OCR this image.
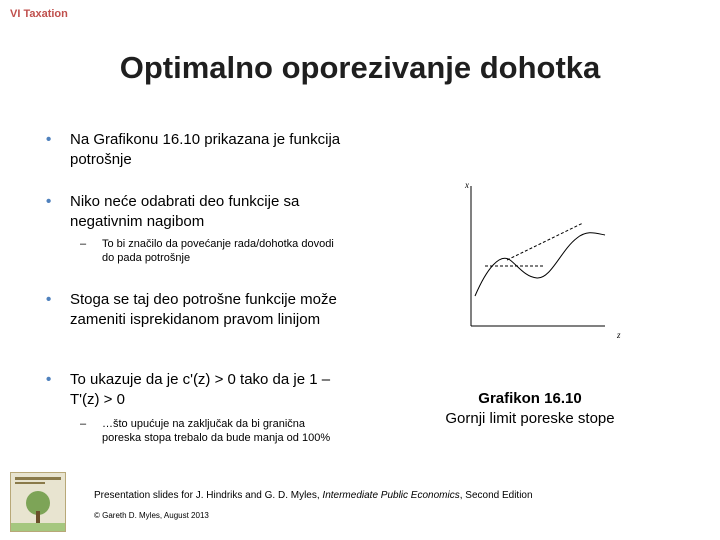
VI Taxation
Optimalno oporezivanje dohotka
• Na Grafikonu 16.10 prikazana je funkcija potrošnje
• Niko neće odabrati deo funkcije sa negativnim nagibom
– To bi značilo da povećanje rada/dohotka dovodi do pada potrošnje
• Stoga se taj deo potrošne funkcije može zameniti isprekidanom pravom linijom
• To ukazuje da je c'(z) > 0 tako da je 1 – T'(z) > 0
– …što upućuje na zaključak da bi granična poreska stopa trebalo da bude manja od 100%
x
z
Grafikon 16.10
Gornji limit poreske stope
Presentation slides for J. Hindriks and G. D. Myles, Intermediate Public Economics, Second Edition
© Gareth D. Myles, August 2013
